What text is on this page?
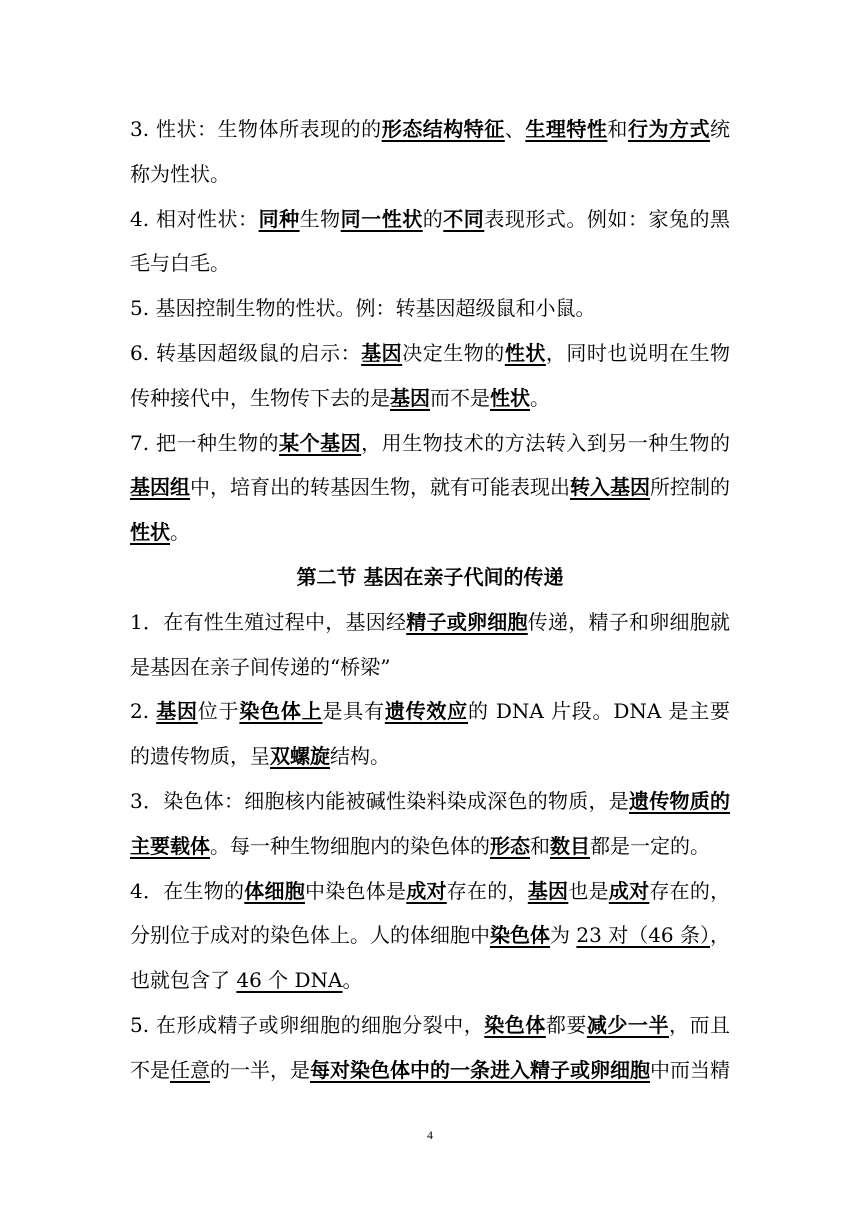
3. 性状：生物体所表现的的形态结构特征、生理特性和行为方式统称为性状。

4. 相对性状：同种生物同一性状的不同表现形式。例如：家兔的黑毛与白毛。

5. 基因控制生物的性状。例：转基因超级鼠和小鼠。

6. 转基因超级鼠的启示：基因决定生物的性状，同时也说明在生物传种接代中，生物传下去的是基因而不是性状。

7. 把一种生物的某个基因，用生物技术的方法转入到另一种生物的基因组中，培育出的转基因生物，就有可能表现出转入基因所控制的性状。

第二节 基因在亲子代间的传递

1．在有性生殖过程中，基因经精子或卵细胞传递，精子和卵细胞就是基因在亲子间传递的“桥梁”

2. 基因位于染色体上是具有遗传效应的 DNA 片段。DNA 是主要的遗传物质，呈双螺旋结构。

3．染色体：细胞核内能被碱性染料染成深色的物质，是遗传物质的主要载体。每一种生物细胞内的染色体的形态和数目都是一定的。

4．在生物的体细胞中染色体是成对存在的，基因也是成对存在的，分别位于成对的染色体上。人的体细胞中染色体为 23 对（46 条），也就包含了 46 个 DNA。

5. 在形成精子或卵细胞的细胞分裂中，染色体都要减少一半，而且不是任意的一半，是每对染色体中的一条进入精子或卵细胞中而当精

4
